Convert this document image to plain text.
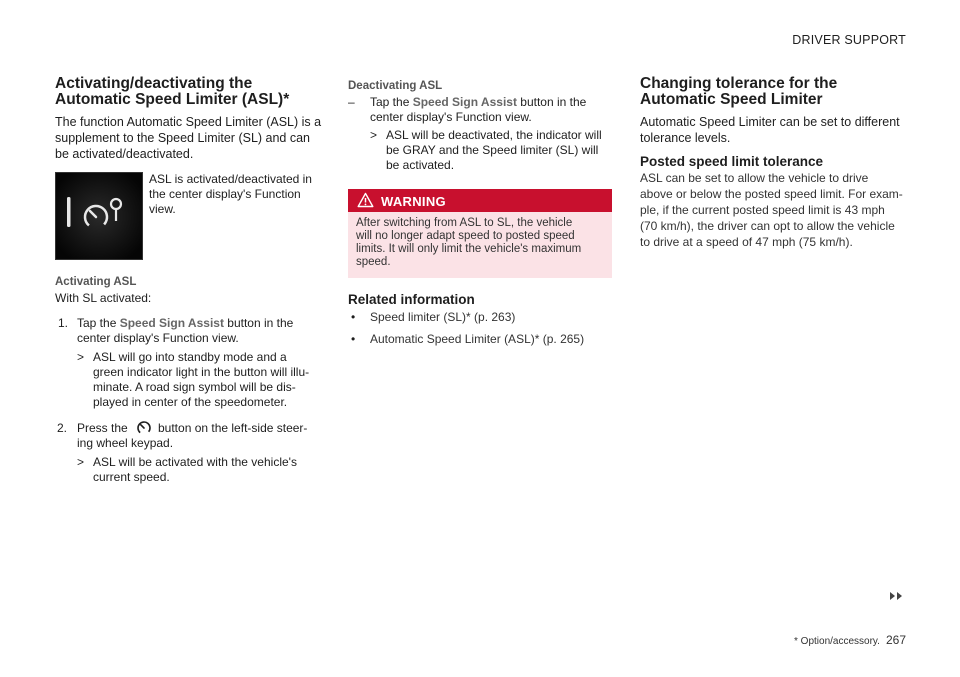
DRIVER SUPPORT
Activating/deactivating the
Automatic Speed Limiter (ASL)*
The function Automatic Speed Limiter (ASL) is a
supplement to the Speed Limiter (SL) and can
be activated/deactivated.
ASL is activated/deactivated in
the center display's Function
view.
Activating ASL
With SL activated:
1. Tap the Speed Sign Assist button in the
center display's Function view.
> ASL will go into standby mode and a
green indicator light in the button will illu-
minate. A road sign symbol will be dis-
played in center of the speedometer.
2. Press the	button on the left-side steer-
ing wheel keypad.
> ASL will be activated with the vehicle's
current speed.
Deactivating ASL
– Tap the Speed Sign Assist button in the
center display's Function view.
> ASL will be deactivated, the indicator will
be GRAY and the Speed limiter (SL) will
be activated.
WARNING
After switching from ASL to SL, the vehicle
will no longer adapt speed to posted speed
limits. It will only limit the vehicle's maximum
speed.
Related information
• Speed limiter (SL)* (p. 263)
• Automatic Speed Limiter (ASL)* (p. 265)
Changing tolerance for the
Automatic Speed Limiter
Automatic Speed Limiter can be set to different
tolerance levels.
Posted speed limit tolerance
ASL can be set to allow the vehicle to drive
above or below the posted speed limit. For exam-
ple, if the current posted speed limit is 43 mph
(70 km/h), the driver can opt to allow the vehicle
to drive at a speed of 47 mph (75 km/h).
* Option/accessory. 267
